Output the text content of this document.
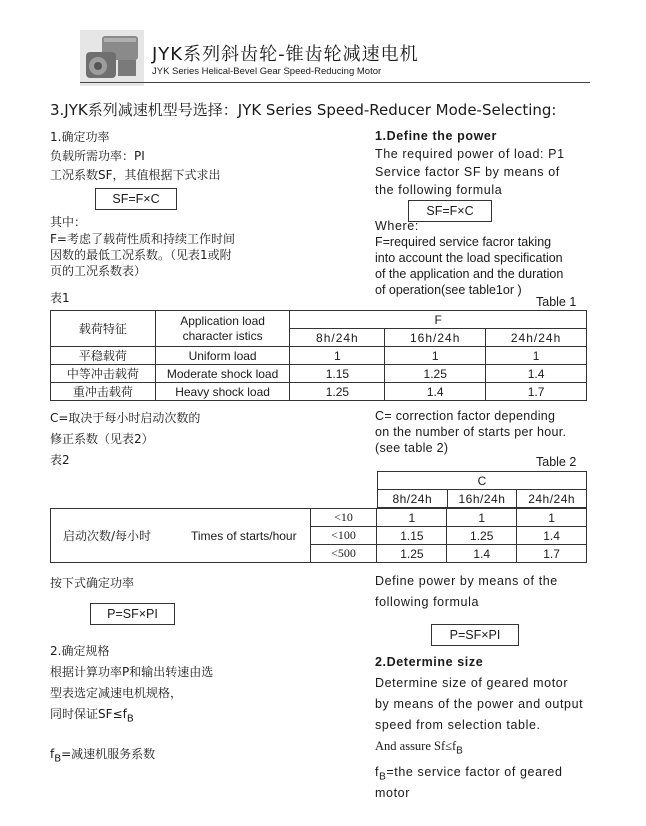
JYK系列斜齿轮-锥齿轮减速电机
JYK Series Helical-Bevel Gear Speed-Reducing Motor
3.JYK系列减速机型号选择：JYK Series Speed-Reducer Mode-Selecting:
1.确定功率
负载所需功率：PI
工况系数SF，其值根据下式求出
SF=F×C
其中：
F=考虑了载荷性质和持续工作时间
因数的最低工况系数。（见表1或附
页的工况系数表）
表1
1.Define the power
The required power of load: P1
Service factor SF by means of
the following formula
SF=F×C
Where:
F=required service facror taking
into account the load specification
of the application and the duration
of operation(see table1or )
Table 1
载荷特征	Application load
character istics	F		
		8h/24h	16h/24h	24h/24h
平稳载荷	Uniform load	1	1	1
中等冲击载荷	Moderate shock load	1.15	1.25	1.4
重冲击载荷	Heavy shock load	1.25	1.4	1.7
C=取决于每小时启动次数的
修正系数（见表2）
表2
C= correction factor depending
on the number of starts per hour.
(see table 2)
Table 2
C
8h/24h	16h/24h	24h/24h
启动次数/每小时 Times of starts/hour	<10	1	1	1
	<100	1.15	1.25	1.4
	<500	1.25	1.4	1.7
按下式确定功率
P=SF×PI
Define power by means of the
following formula
P=SF×PI
2.确定规格
根据计算功率P和输出转速由选
型表选定减速电机规格，
同时保证$SF\le f_B$
$f_B=$减速机服务系数
2.Determine size
Determine size of geared motor
by means of the power and output
speed from selection table.
And assure $Sf\le f_B$
$f_B=the$ service factor of geared
motor
